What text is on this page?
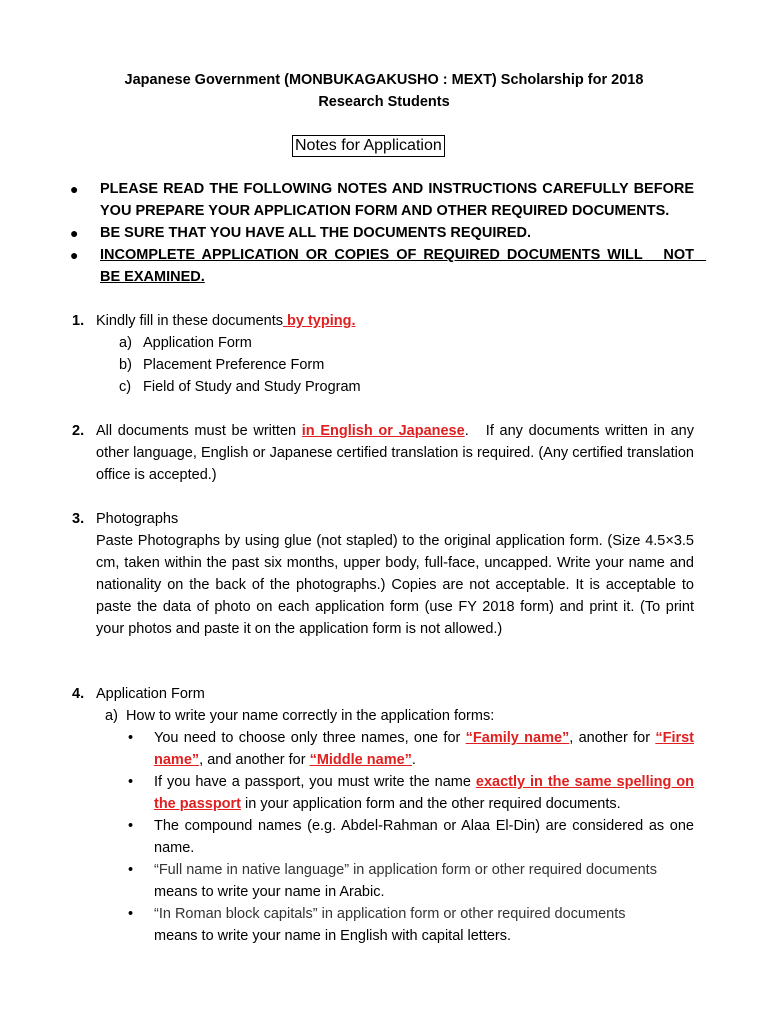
Japanese Government (MONBUKAGAKUSHO : MEXT) Scholarship for 2018
Research Students
Notes for Application
● PLEASE READ THE FOLLOWING NOTES AND INSTRUCTIONS CAREFULLY BEFORE YOU PREPARE YOUR APPLICATION FORM AND OTHER REQUIRED DOCUMENTS.
● BE SURE THAT YOU HAVE ALL THE DOCUMENTS REQUIRED.
● INCOMPLETE APPLICATION OR COPIES OF REQUIRED DOCUMENTS WILL   NOT   BE EXAMINED.
1. Kindly fill in these documents by typing.
a) Application Form
b) Placement Preference Form
c) Field of Study and Study Program
2. All documents must be written in English or Japanese.   If any documents written in any other language, English or Japanese certified translation is required. (Any certified translation office is accepted.)
3. Photographs
Paste Photographs by using glue (not stapled) to the original application form. (Size 4.5×3.5 cm, taken within the past six months, upper body, full-face, uncapped. Write your name and nationality on the back of the photographs.) Copies are not acceptable. It is acceptable to paste the data of photo on each application form (use FY 2018 form) and print it. (To print your photos and paste it on the application form is not allowed.)
4. Application Form
a)  How to write your name correctly in the application forms:
• You need to choose only three names, one for “Family name”, another for “First name”, and another for “Middle name”.
• If you have a passport, you must write the name exactly in the same spelling on the passport in your application form and the other required documents.
• The compound names (e.g. Abdel-Rahman or Alaa El-Din) are considered as one name.
• “Full name in native language” in application form or other required documents
means to write your name in Arabic.
• “In Roman block capitals” in application form or other required documents
means to write your name in English with capital letters.
